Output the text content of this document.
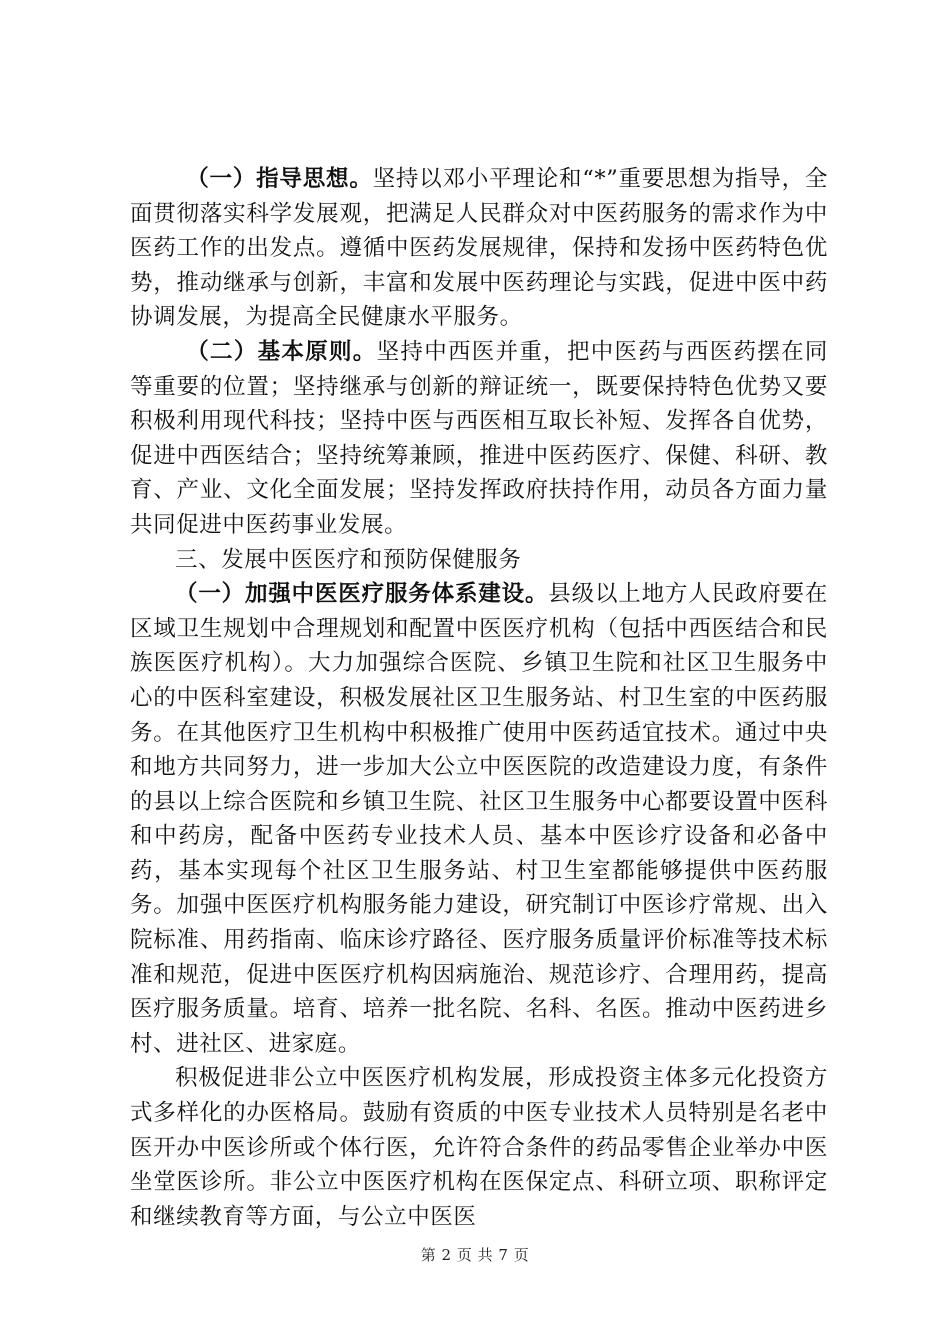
（一）指导思想。坚持以邓小平理论和“*”重要思想为指导，全面贯彻落实科学发展观，把满足人民群众对中医药服务的需求作为中医药工作的出发点。遵循中医药发展规律，保持和发扬中医药特色优势，推动继承与创新，丰富和发展中医药理论与实践，促进中医中药协调发展，为提高全民健康水平服务。

（二）基本原则。坚持中西医并重，把中医药与西医药摆在同等重要的位置；坚持继承与创新的辩证统一，既要保持特色优势又要积极利用现代科技；坚持中医与西医相互取长补短、发挥各自优势，促进中西医结合；坚持统筹兼顾，推进中医药医疗、保健、科研、教育、产业、文化全面发展；坚持发挥政府扶持作用，动员各方面力量共同促进中医药事业发展。

三、发展中医医疗和预防保健服务

（一）加强中医医疗服务体系建设。县级以上地方人民政府要在区域卫生规划中合理规划和配置中医医疗机构（包括中西医结合和民族医医疗机构）。大力加强综合医院、乡镇卫生院和社区卫生服务中心的中医科室建设，积极发展社区卫生服务站、村卫生室的中医药服务。在其他医疗卫生机构中积极推广使用中医药适宜技术。通过中央和地方共同努力，进一步加大公立中医医院的改造建设力度，有条件的县以上综合医院和乡镇卫生院、社区卫生服务中心都要设置中医科和中药房，配备中医药专业技术人员、基本中医诊疗设备和必备中药，基本实现每个社区卫生服务站、村卫生室都能够提供中医药服务。加强中医医疗机构服务能力建设，研究制订中医诊疗常规、出入院标准、用药指南、临床诊疗路径、医疗服务质量评价标准等技术标准和规范，促进中医医疗机构因病施治、规范诊疗、合理用药，提高医疗服务质量。培育、培养一批名院、名科、名医。推动中医药进乡村、进社区、进家庭。

积极促进非公立中医医疗机构发展，形成投资主体多元化投资方式多样化的办医格局。鼓励有资质的中医专业技术人员特别是名老中医开办中医诊所或个体行医，允许符合条件的药品零售企业举办中医坐堂医诊所。非公立中医医疗机构在医保定点、科研立项、职称评定和继续教育等方面，与公立中医医

第 2 页 共 7 页
